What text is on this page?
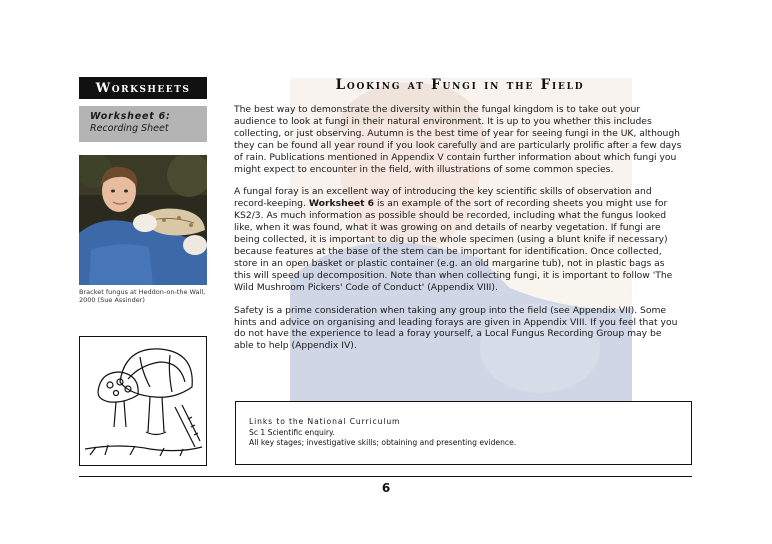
Worksheets
Worksheet 6:
Recording Sheet
Bracket fungus at Heddon-on-the Wall, 2000 (Sue Assinder)
Looking at Fungi in the Field

The best way to demonstrate the diversity within the fungal kingdom is to take out your audience to look at fungi in their natural environment. It is up to you whether this includes collecting, or just observing. Autumn is the best time of year for seeing fungi in the UK, although they can be found all year round if you look carefully and are particularly prolific after a few days of rain. Publications mentioned in Appendix V contain further information about which fungi you might expect to encounter in the field, with illustrations of some common species.

A fungal foray is an excellent way of introducing the key scientific skills of observation and record-keeping. Worksheet 6 is an example of the sort of recording sheets you might use for KS2/3. As much information as possible should be recorded, including what the fungus looked like, when it was found, what it was growing on and details of nearby vegetation. If fungi are being collected, it is important to dig up the whole specimen (using a blunt knife if necessary) because features at the base of the stem can be important for identification. Once collected, store in an open basket or plastic container (e.g. an old margarine tub), not in plastic bags as this will speed up decomposition. Note than when collecting fungi, it is important to follow 'The Wild Mushroom Pickers' Code of Conduct' (Appendix VIII).

Safety is a prime consideration when taking any group into the field (see Appendix VII). Some hints and advice on organising and leading forays are given in Appendix VIII. If you feel that you do not have the experience to lead a foray yourself, a Local Fungus Recording Group may be able to help (Appendix IV).

Links to the National Curriculum
Sc 1 Scientific enquiry.
All key stages; investigative skills; obtaining and presenting evidence.
6
